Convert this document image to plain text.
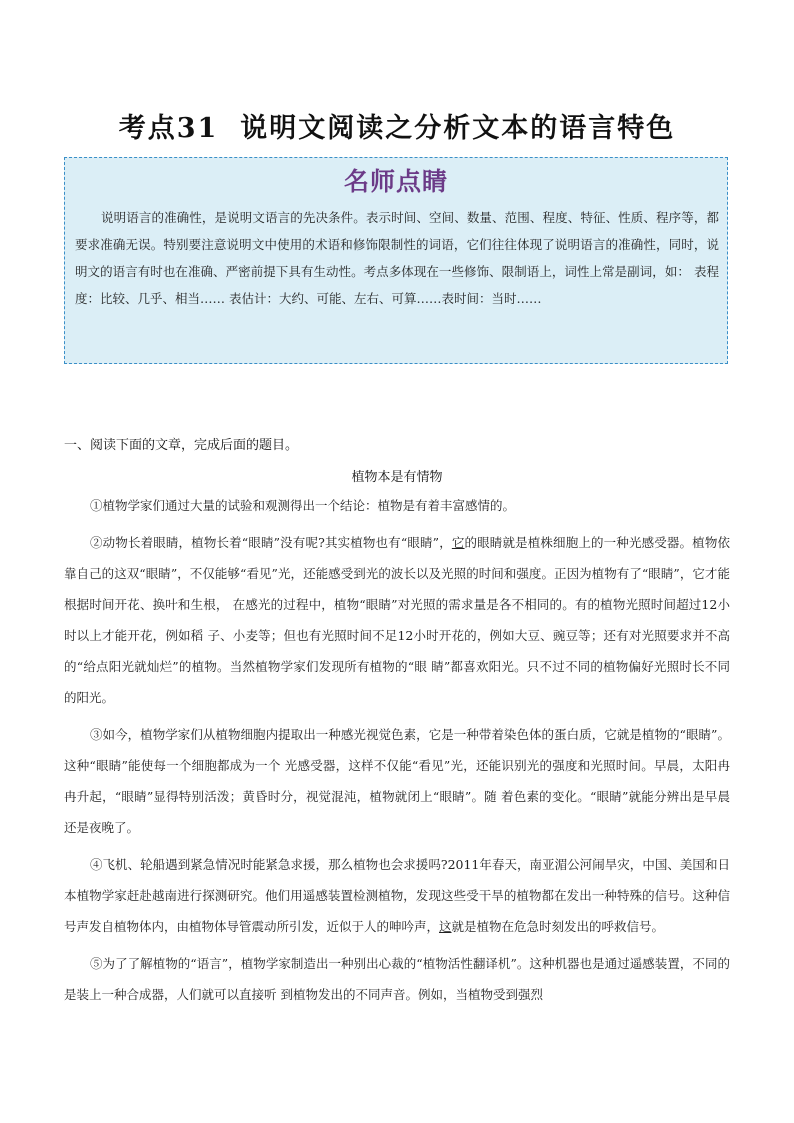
考点31 说明文阅读之分析文本的语言特色
名师点睛

说明语言的准确性，是说明文语言的先决条件。表示时间、空间、数量、范围、程度、特征、性质、程序等，都要求准确无误。特别要注意说明文中使用的术语和修饰限制性的词语，它们往往体现了说明语言的准确性，同时，说明文的语言有时也在准确、严密前提下具有生动性。考点多体现在一些修饰、限制语上，词性上常是副词，如： 表程度：比较、几乎、相当…… 表估计：大约、可能、左右、可算……表时间：当时……

一、阅读下面的文章，完成后面的题目。

植物本是有情物

①植物学家们通过大量的试验和观测得出一个结论：植物是有着丰富感情的。

②动物长着眼睛，植物长着“眼睛”没有呢?其实植物也有“眼睛”，它的眼睛就是植株细胞上的一种光感受器。植物依靠自己的这双“眼睛”，不仅能够“看见”光，还能感受到光的波长以及光照的时间和强度。正因为植物有了“眼睛”，它才能根据时间开花、换叶和生根， 在感光的过程中，植物“眼睛”对光照的需求量是各不相同的。有的植物光照时间超过12小时以上才能开花，例如稻 子、小麦等；但也有光照时间不足12小时开花的，例如大豆、豌豆等；还有对光照要求并不高的“给点阳光就灿烂”的植物。当然植物学家们发现所有植物的“眼 睛”都喜欢阳光。只不过不同的植物偏好光照时长不同的阳光。

③如今，植物学家们从植物细胞内提取出一种感光视觉色素，它是一种带着染色体的蛋白质，它就是植物的“眼睛”。这种“眼睛”能使每一个细胞都成为一个 光感受器，这样不仅能“看见”光，还能识别光的强度和光照时间。早晨，太阳冉冉升起，“眼睛”显得特别活泼；黄昏时分，视觉混沌，植物就闭上“眼睛”。随 着色素的变化。“眼睛”就能分辨出是早晨还是夜晚了。

④飞机、轮船遇到紧急情况时能紧急求援，那么植物也会求援吗?2011年春天，南亚湄公河闹旱灾，中国、美国和日本植物学家赶赴越南进行探测研究。他们用遥感装置检测植物，发现这些受干旱的植物都在发出一种特殊的信号。这种信号声发自植物体内，由植物体导管震动所引发，近似于人的呻吟声，这就是植物在危急时刻发出的呼救信号。

⑤为了了解植物的“语言”，植物学家制造出一种别出心裁的“植物活性翻译机”。这种机器也是通过遥感装置，不同的是装上一种合成器，人们就可以直接听 到植物发出的不同声音。例如，当植物受到强烈
